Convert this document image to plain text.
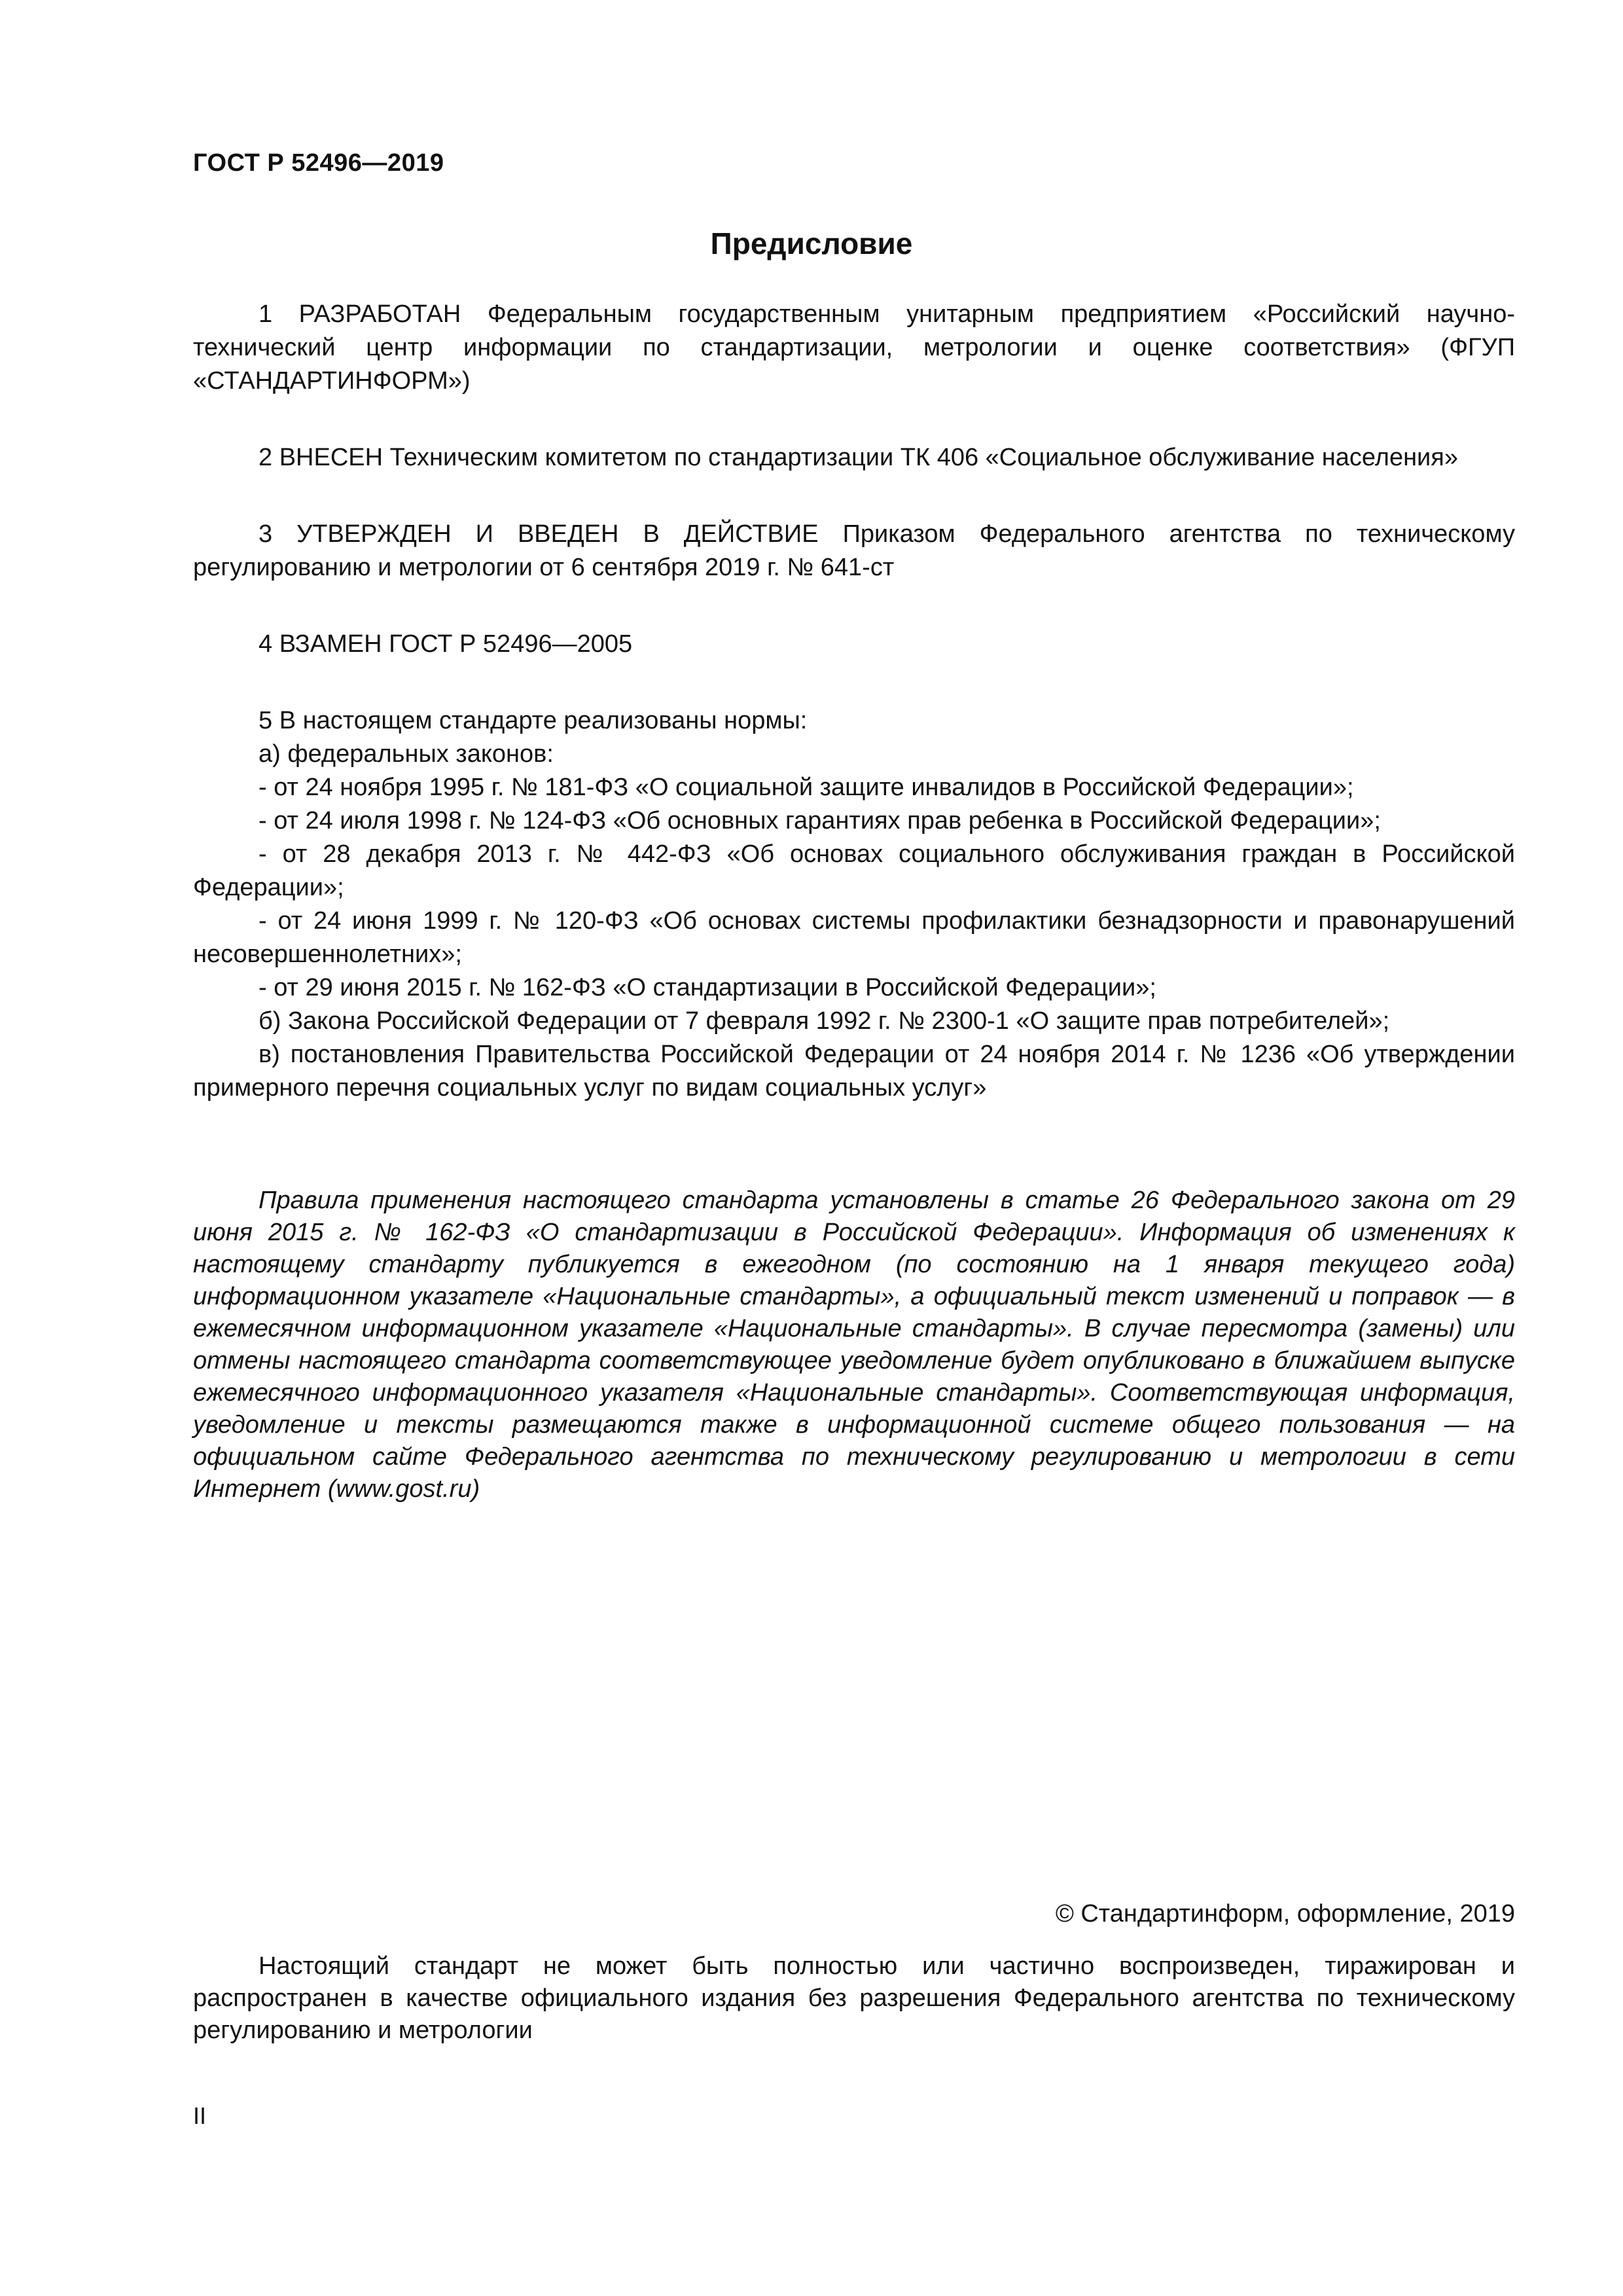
ГОСТ Р 52496—2019
Предисловие

1 РАЗРАБОТАН Федеральным государственным унитарным предприятием «Российский научно-технический центр информации по стандартизации, метрологии и оценке соответствия» (ФГУП «СТАНДАРТИНФОРМ»)

2 ВНЕСЕН Техническим комитетом по стандартизации ТК 406 «Социальное обслуживание населения»

3 УТВЕРЖДЕН И ВВЕДЕН В ДЕЙСТВИЕ Приказом Федерального агентства по техническому регулированию и метрологии от 6 сентября 2019 г. № 641-ст

4 ВЗАМЕН ГОСТ Р 52496—2005

5 В настоящем стандарте реализованы нормы:

а) федеральных законов:

- от 24 ноября 1995 г. № 181-ФЗ «О социальной защите инвалидов в Российской Федерации»;

- от 24 июля 1998 г. № 124-ФЗ «Об основных гарантиях прав ребенка в Российской Федерации»;

- от 28 декабря 2013 г. № 442-ФЗ «Об основах социального обслуживания граждан в Российской Федерации»;

- от 24 июня 1999 г. № 120-ФЗ «Об основах системы профилактики безнадзорности и правонарушений несовершеннолетних»;

- от 29 июня 2015 г. № 162-ФЗ «О стандартизации в Российской Федерации»;

б) Закона Российской Федерации от 7 февраля 1992 г. № 2300-1 «О защите прав потребителей»;

в) постановления Правительства Российской Федерации от 24 ноября 2014 г. № 1236 «Об утверждении примерного перечня социальных услуг по видам социальных услуг»

Правила применения настоящего стандарта установлены в статье 26 Федерального закона от 29 июня 2015 г. № 162-ФЗ «О стандартизации в Российской Федерации». Информация об изменениях к настоящему стандарту публикуется в ежегодном (по состоянию на 1 января текущего года) информационном указателе «Национальные стандарты», а официальный текст изменений и поправок — в ежемесячном информационном указателе «Национальные стандарты». В случае пересмотра (замены) или отмены настоящего стандарта соответствующее уведомление будет опубликовано в ближайшем выпуске ежемесячного информационного указателя «Национальные стандарты». Соответствующая информация, уведомление и тексты размещаются также в информационной системе общего пользования — на официальном сайте Федерального агентства по техническому регулированию и метрологии в сети Интернет (www.gost.ru)

© Стандартинформ, оформление, 2019

Настоящий стандарт не может быть полностью или частично воспроизведен, тиражирован и распространен в качестве официального издания без разрешения Федерального агентства по техническому регулированию и метрологии

II
